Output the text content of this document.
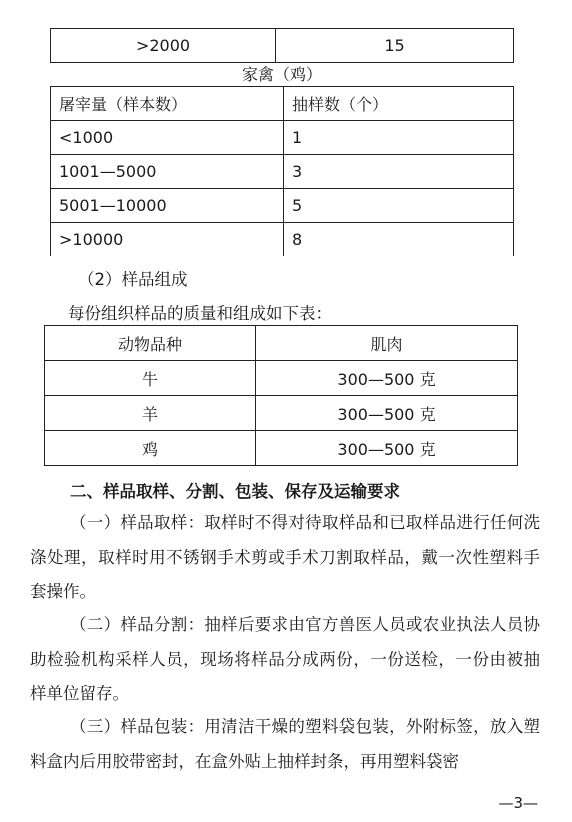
>2000	15
家禽（鸡）
屠宰量（样本数）	抽样数（个）
<1000	1
1001—5000	3
5001—10000	5
>10000	8
（2）样品组成
每份组织样品的质量和组成如下表：
动物品种	肌肉
牛	300—500 克
羊	300—500 克
鸡	300—500 克
二、样品取样、分割、包装、保存及运输要求
（一）样品取样：取样时不得对待取样品和已取样品进行任何洗涤处理，取样时用不锈钢手术剪或手术刀割取样品，戴一次性塑料手套操作。
（二）样品分割：抽样后要求由官方兽医人员或农业执法人员协助检验机构采样人员，现场将样品分成两份，一份送检，一份由被抽样单位留存。
（三）样品包装：用清洁干燥的塑料袋包装，外附标签，放入塑料盒内后用胶带密封，在盒外贴上抽样封条，再用塑料袋密
—3—
